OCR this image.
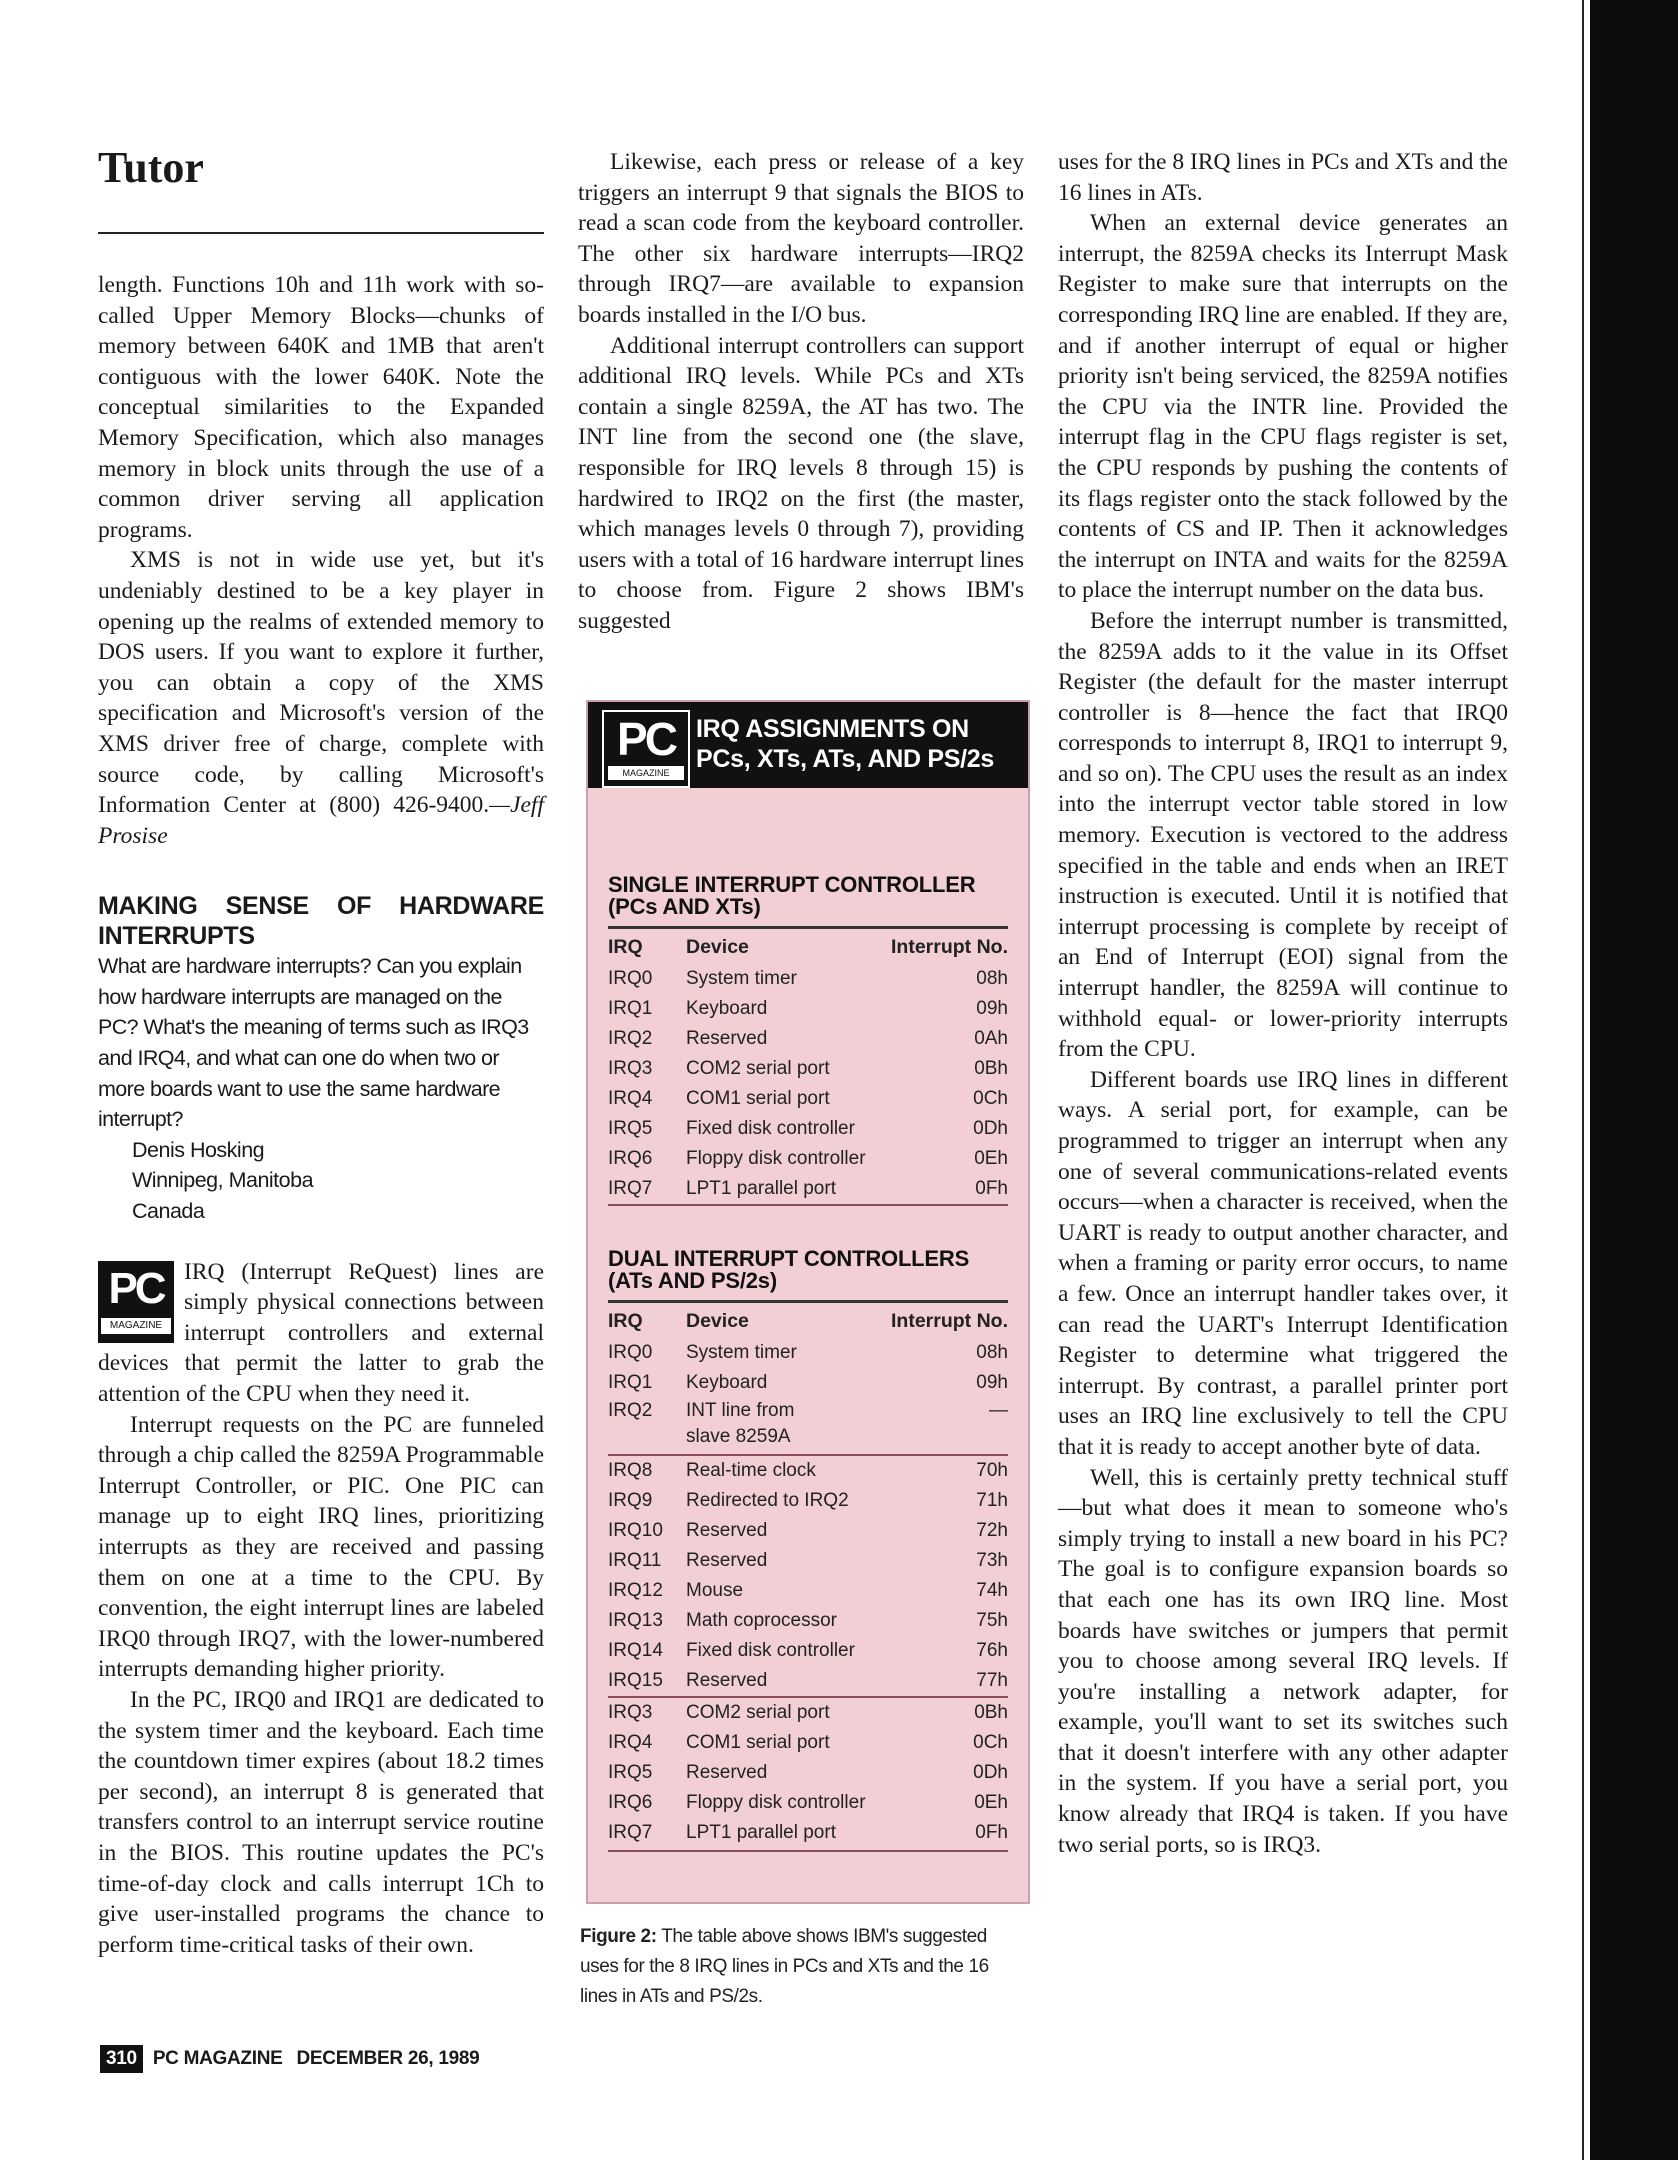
Tutor

length. Functions 10h and 11h work with so-called Upper Memory Blocks—chunks of memory between 640K and 1MB that aren't contiguous with the lower 640K. Note the conceptual similarities to the Expanded Memory Specification, which also manages memory in block units through the use of a common driver serving all application programs.

XMS is not in wide use yet, but it's undeniably destined to be a key player in opening up the realms of extended memory to DOS users. If you want to explore it further, you can obtain a copy of the XMS specification and Microsoft's version of the XMS driver free of charge, complete with source code, by calling Microsoft's Information Center at (800) 426-9400.—Jeff Prosise

MAKING SENSE OF HARDWARE INTERRUPTS
What are hardware interrupts? Can you explain how hardware interrupts are managed on the PC? What's the meaning of terms such as IRQ3 and IRQ4, and what can one do when two or more boards want to use the same hardware interrupt?
Denis Hosking
Winnipeg, Manitoba
Canada

PC
MAGAZINE
IRQ (Interrupt ReQuest) lines are simply physical connections between interrupt controllers and external devices that permit the latter to grab the attention of the CPU when they need it.

Interrupt requests on the PC are funneled through a chip called the 8259A Programmable Interrupt Controller, or PIC. One PIC can manage up to eight IRQ lines, prioritizing interrupts as they are received and passing them on one at a time to the CPU. By convention, the eight interrupt lines are labeled IRQ0 through IRQ7, with the lower-numbered interrupts demanding higher priority.

In the PC, IRQ0 and IRQ1 are dedicated to the system timer and the keyboard. Each time the countdown timer expires (about 18.2 times per second), an interrupt 8 is generated that transfers control to an interrupt service routine in the BIOS. This routine updates the PC's time-of-day clock and calls interrupt 1Ch to give user-installed programs the chance to perform time-critical tasks of their own.

Likewise, each press or release of a key triggers an interrupt 9 that signals the BIOS to read a scan code from the keyboard controller. The other six hardware interrupts—IRQ2 through IRQ7—are available to expansion boards installed in the I/O bus.

Additional interrupt controllers can support additional IRQ levels. While PCs and XTs contain a single 8259A, the AT has two. The INT line from the second one (the slave, responsible for IRQ levels 8 through 15) is hardwired to IRQ2 on the first (the master, which manages levels 0 through 7), providing users with a total of 16 hardware interrupt lines to choose from. Figure 2 shows IBM's suggested

PC
MAGAZINE
IRQ ASSIGNMENTS ON PCs, XTs, ATs, AND PS/2s
SINGLE INTERRUPT CONTROLLER
(PCs AND XTs)
IRQ Device	Interrupt No.
IRQ0 System timer	08h
IRQ1 Keyboard	09h
IRQ2 Reserved	0Ah
IRQ3 COM2 serial port	0Bh
IRQ4 COM1 serial port	0Ch
IRQ5 Fixed disk controller	0Dh
IRQ6 Floppy disk controller	0Eh
IRQ7 LPT1 parallel port	0Fh
DUAL INTERRUPT CONTROLLERS
(ATs AND PS/2s)
IRQ Device	Interrupt No.
IRQ0 System timer	08h
IRQ1 Keyboard	09h
IRQ2 INT line from	—
slave 8259A
IRQ8 Real-time clock	70h
IRQ9 Redirected to IRQ2	71h
IRQ10 Reserved	72h
IRQ11 Reserved	73h
IRQ12 Mouse	74h
IRQ13 Math coprocessor	75h
IRQ14 Fixed disk controller	76h
IRQ15 Reserved	77h
IRQ3 COM2 serial port	0Bh
IRQ4 COM1 serial port	0Ch
IRQ5 Reserved	0Dh
IRQ6 Floppy disk controller	0Eh
IRQ7 LPT1 parallel port	0Fh
Figure 2: The table above shows IBM's suggested uses for the 8 IRQ lines in PCs and XTs and the 16 lines in ATs and PS/2s.

uses for the 8 IRQ lines in PCs and XTs and the 16 lines in ATs.

When an external device generates an interrupt, the 8259A checks its Interrupt Mask Register to make sure that interrupts on the corresponding IRQ line are enabled. If they are, and if another interrupt of equal or higher priority isn't being serviced, the 8259A notifies the CPU via the INTR line. Provided the interrupt flag in the CPU flags register is set, the CPU responds by pushing the contents of its flags register onto the stack followed by the contents of CS and IP. Then it acknowledges the interrupt on INTA and waits for the 8259A to place the interrupt number on the data bus.

Before the interrupt number is transmitted, the 8259A adds to it the value in its Offset Register (the default for the master interrupt controller is 8—hence the fact that IRQ0 corresponds to interrupt 8, IRQ1 to interrupt 9, and so on). The CPU uses the result as an index into the interrupt vector table stored in low memory. Execution is vectored to the address specified in the table and ends when an IRET instruction is executed. Until it is notified that interrupt processing is complete by receipt of an End of Interrupt (EOI) signal from the interrupt handler, the 8259A will continue to withhold equal- or lower-priority interrupts from the CPU.

Different boards use IRQ lines in different ways. A serial port, for example, can be programmed to trigger an interrupt when any one of several communications-related events occurs—when a character is received, when the UART is ready to output another character, and when a framing or parity error occurs, to name a few. Once an interrupt handler takes over, it can read the UART's Interrupt Identification Register to determine what triggered the interrupt. By contrast, a parallel printer port uses an IRQ line exclusively to tell the CPU that it is ready to accept another byte of data.

Well, this is certainly pretty technical stuff—but what does it mean to someone who's simply trying to install a new board in his PC? The goal is to configure expansion boards so that each one has its own IRQ line. Most boards have switches or jumpers that permit you to choose among several IRQ levels. If you're installing a network adapter, for example, you'll want to set its switches such that it doesn't interfere with any other adapter in the system. If you have a serial port, you know already that IRQ4 is taken. If you have two serial ports, so is IRQ3.

310 PC MAGAZINE DECEMBER 26, 1989
